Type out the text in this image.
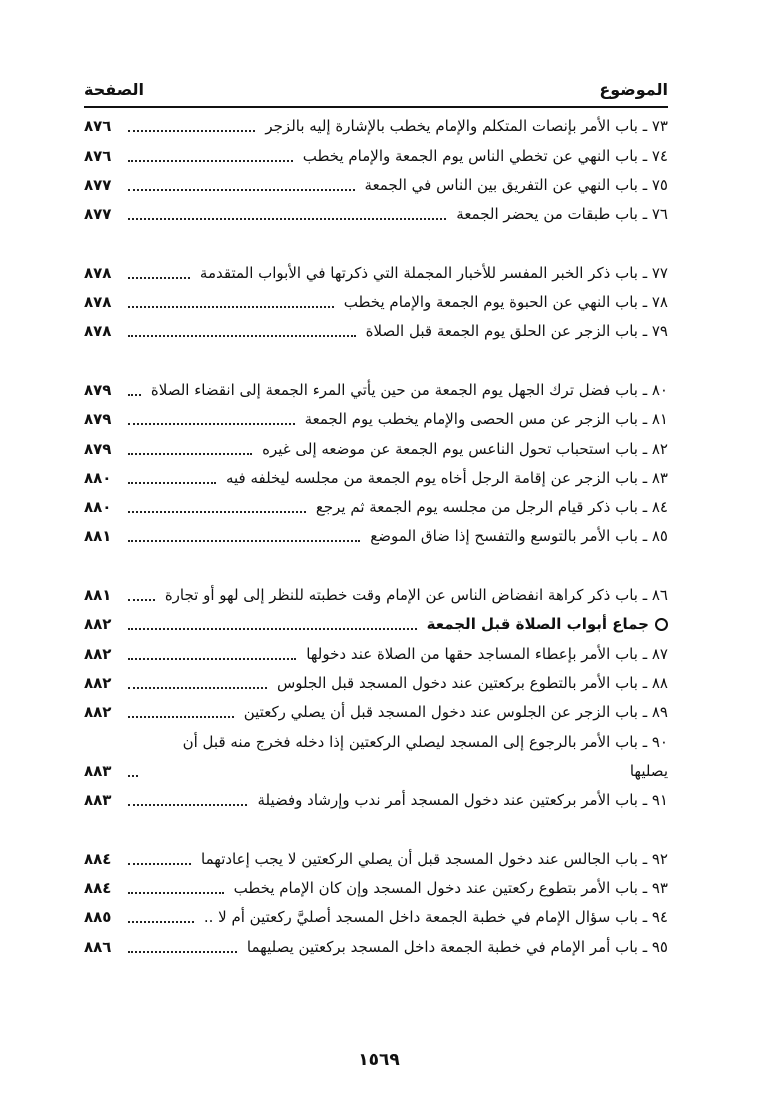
الموضوع
الصفحة
٧٣ ـ باب الأمر بإنصات المتكلم والإمام يخطب بالإشارة إليه بالزجر
٨٧٦
٧٤ ـ باب النهي عن تخطي الناس يوم الجمعة والإمام يخطب
٨٧٦
٧٥ ـ باب النهي عن التفريق بين الناس في الجمعة
٨٧٧
٧٦ ـ باب طبقات من يحضر الجمعة
٨٧٧
٧٧ ـ باب ذكر الخبر المفسر للأخبار المجملة التي ذكرتها في الأبواب المتقدمة
٨٧٨
٧٨ ـ باب النهي عن الحبوة يوم الجمعة والإمام يخطب
٨٧٨
٧٩ ـ باب الزجر عن الحلق يوم الجمعة قبل الصلاة
٨٧٨
٨٠ ـ باب فضل ترك الجهل يوم الجمعة من حين يأتي المرء الجمعة إلى انقضاء الصلاة
٨٧٩
٨١ ـ باب الزجر عن مس الحصى والإمام يخطب يوم الجمعة
٨٧٩
٨٢ ـ باب استحباب تحول الناعس يوم الجمعة عن موضعه إلى غيره
٨٧٩
٨٣ ـ باب الزجر عن إقامة الرجل أخاه يوم الجمعة من مجلسه ليخلفه فيه
٨٨٠
٨٤ ـ باب ذكر قيام الرجل من مجلسه يوم الجمعة ثم يرجع
٨٨٠
٨٥ ـ باب الأمر بالتوسع والتفسح إذا ضاق الموضع
٨٨١
٨٦ ـ باب ذكر كراهة انفضاض الناس عن الإمام وقت خطبته للنظر إلى لهو أو تجارة
٨٨١
جماع أبواب الصلاة قبل الجمعة
٨٨٢
٨٧ ـ باب الأمر بإعطاء المساجد حقها من الصلاة عند دخولها
٨٨٢
٨٨ ـ باب الأمر بالتطوع بركعتين عند دخول المسجد قبل الجلوس
٨٨٢
٨٩ ـ باب الزجر عن الجلوس عند دخول المسجد قبل أن يصلي ركعتين
٨٨٢
٩٠ ـ باب الأمر بالرجوع إلى المسجد ليصلي الركعتين إذا دخله فخرج منه قبل أن يصليها
٨٨٣
٩١ ـ باب الأمر بركعتين عند دخول المسجد أمر ندب وإرشاد وفضيلة
٨٨٣
٩٢ ـ باب الجالس عند دخول المسجد قبل أن يصلي الركعتين لا يجب إعادتهما
٨٨٤
٩٣ ـ باب الأمر بتطوع ركعتين عند دخول المسجد وإن كان الإمام يخطب
٨٨٤
٩٤ ـ باب سؤال الإمام في خطبة الجمعة داخل المسجد أصليَّ ركعتين أم لا ..
٨٨٥
٩٥ ـ باب أمر الإمام في خطبة الجمعة داخل المسجد بركعتين يصليهما
٨٨٦
١٥٦٩
